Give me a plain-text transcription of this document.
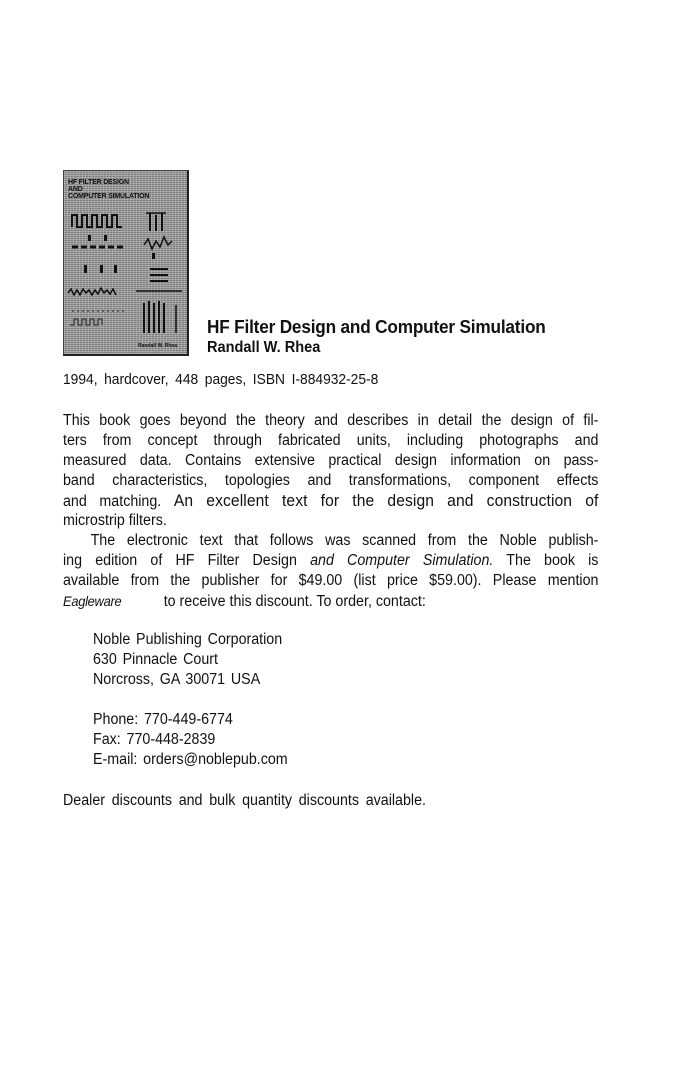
HF FILTER DESIGN
AND
COMPUTER SIMULATION
Randall W. Rhea
HF Filter Design and Computer Simulation
Randall W. Rhea
1994, hardcover, 448 pages, ISBN I-884932-25-8
This book goes beyond the theory and describes in detail the design of fil-
ters from concept through fabricated units, including photographs and
measured data. Contains extensive practical design information on pass-
band characteristics, topologies and transformations, component effects
and matching. An excellent text for the design and construction of
microstrip filters.
The electronic text that follows was scanned from the Noble publish-
ing edition of HF Filter Design and Computer Simulation. The book is
available from the publisher for $49.00 (list price $59.00). Please mention
Eagleware	to receive this discount. To order, contact:
Noble Publishing Corporation
630 Pinnacle Court
Norcross, GA 30071 USA
Phone: 770-449-6774
Fax: 770-448-2839
E-mail: orders@noblepub.com
Dealer discounts and bulk quantity discounts available.
